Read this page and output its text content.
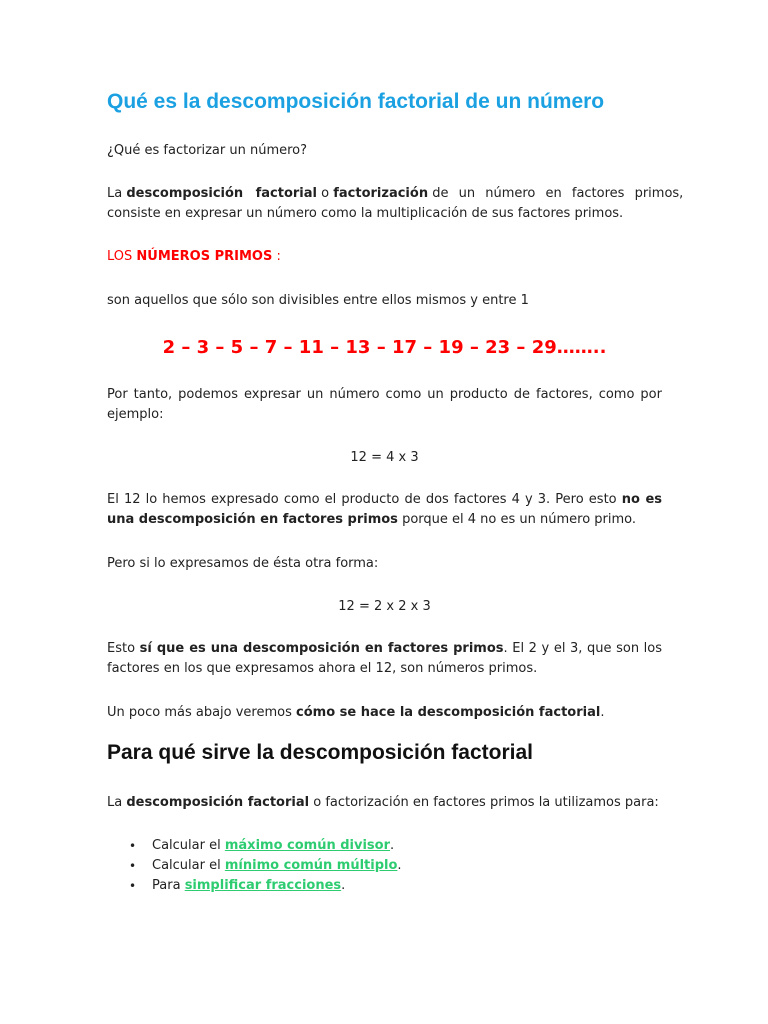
Qué es la descomposición factorial de un número

¿Qué es factorizar un número?

La descomposición factorial o factorización de un número en factores primos,

consiste en expresar un número como la multiplicación de sus factores primos.

LOS NÚMEROS PRIMOS :

son aquellos que sólo son divisibles entre ellos mismos y entre 1

2 – 3 – 5 – 7 – 11 – 13 – 17 – 19 – 23 – 29……..

Por tanto, podemos expresar un número como un producto de factores, como por ejemplo:

12 = 4 x 3

El 12 lo hemos expresado como el producto de dos factores 4 y 3. Pero esto no es una descomposición en factores primos porque el 4 no es un número primo.

Pero si lo expresamos de ésta otra forma:

12 = 2 x 2 x 3

Esto sí que es una descomposición en factores primos. El 2 y el 3, que son los factores en los que expresamos ahora el 12, son números primos.

Un poco más abajo veremos cómo se hace la descomposición factorial.

Para qué sirve la descomposición factorial

La descomposición factorial o factorización en factores primos la utilizamos para:

• Calcular el máximo común divisor.
• Calcular el mínimo común múltiplo.
• Para simplificar fracciones.
